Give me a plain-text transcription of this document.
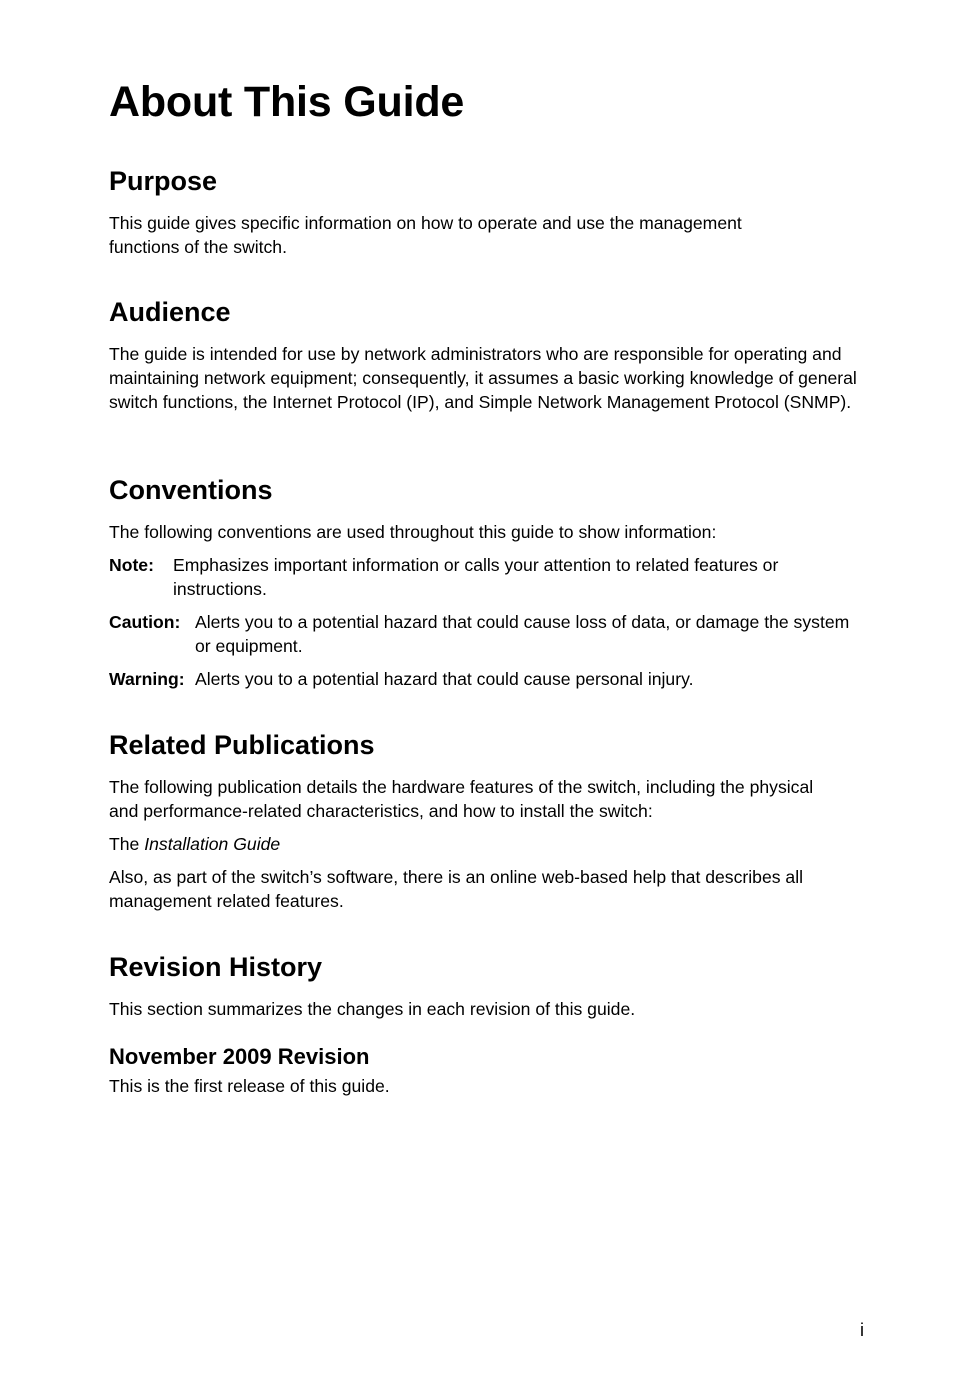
About This Guide
Purpose

This guide gives specific information on how to operate and use the management functions of the switch.

Audience

The guide is intended for use by network administrators who are responsible for operating and maintaining network equipment; consequently, it assumes a basic working knowledge of general switch functions, the Internet Protocol (IP), and Simple Network Management Protocol (SNMP).

Conventions

The following conventions are used throughout this guide to show information:

Note:	Emphasizes important information or calls your attention to related features or instructions.
Caution: Alerts you to a potential hazard that could cause loss of data, or damage the system or equipment.
Warning: Alerts you to a potential hazard that could cause personal injury.
Related Publications

The following publication details the hardware features of the switch, including the physical and performance-related characteristics, and how to install the switch:

The Installation Guide

Also, as part of the switch’s software, there is an online web-based help that describes all management related features.

Revision History

This section summarizes the changes in each revision of this guide.

November 2009 Revision

This is the first release of this guide.

i
